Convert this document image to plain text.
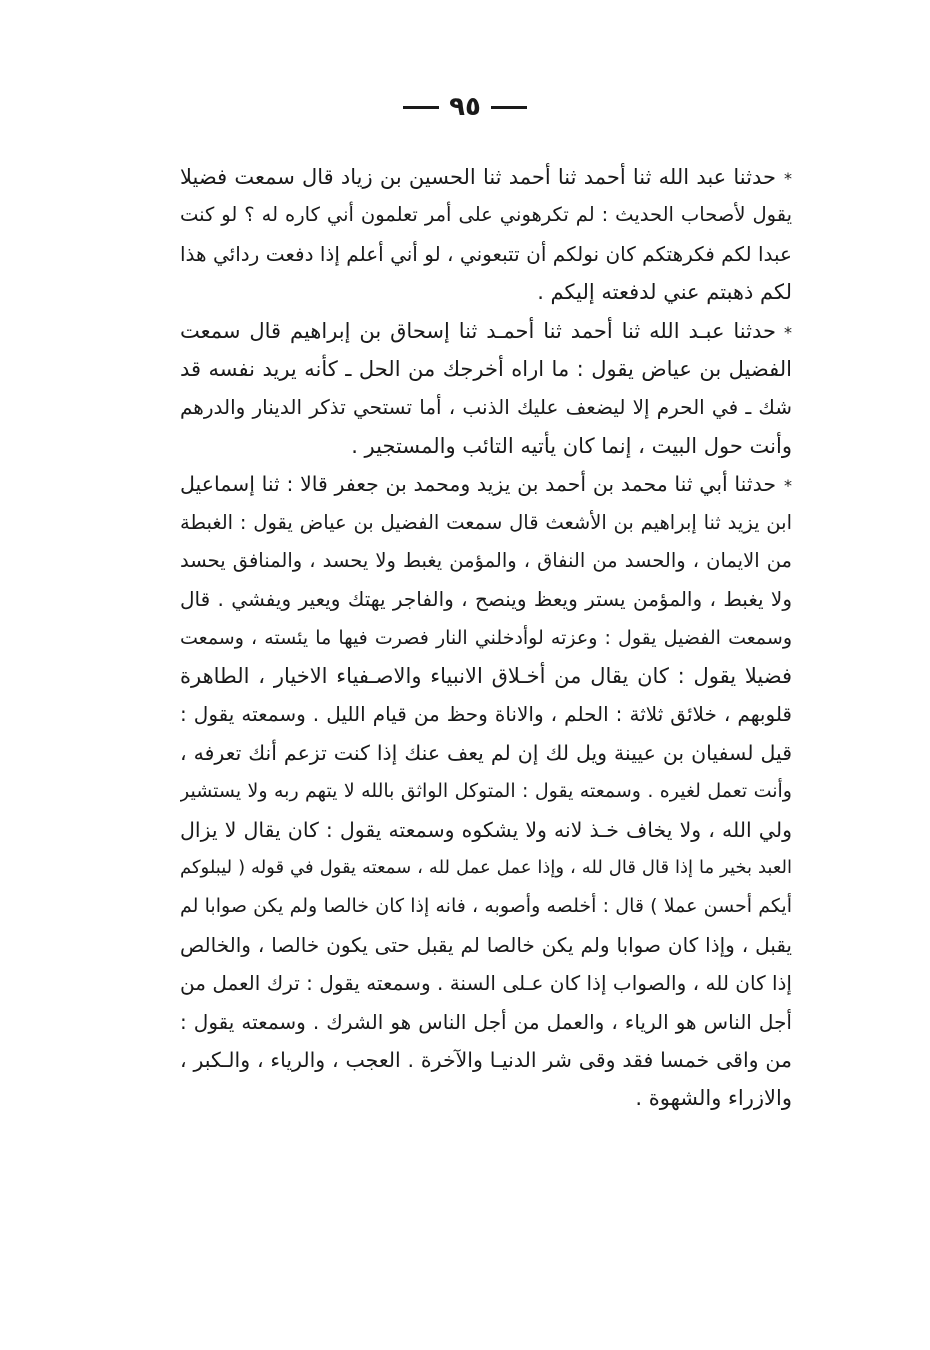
٩٥
*حدثنا عبد الله ثنا أحمد ثنا أحمد ثنا الحسين بن زياد قال سمعت فضيلا
يقول لأصحاب الحديث : لم تكرهوني على أمر تعلمون أني كاره له ؟ لو كنت
عبدا لكم فكرهتكم كان نولكم أن تتبعوني ، لو أني أعلم إذا دفعت ردائي هذا
لكم ذهبتم عني لدفعته إليكم .
*حدثنا عبـد الله ثنا أحمد ثنا أحمـد ثنا إسحاق بن إبراهيم قال سمعت
الفضيل بن عياض يقول : ما اراه أخرجك من الحل ـ كأنه يريد نفسه قد
شك ـ في الحرم إلا ليضعف عليك الذنب ، أما تستحي تذكر الدينار والدرهم
وأنت حول البيت ، إنما كان يأتيه التائب والمستجير .
*حدثنا أبي ثنا محمد بن أحمد بن يزيد ومحمد بن جعفر قالا : ثنا إسماعيل
ابن يزيد ثنا إبراهيم بن الأشعث قال سمعت الفضيل بن عياض يقول : الغبطة
من الايمان ، والحسد من النفاق ، والمؤمن يغبط ولا يحسد ، والمنافق يحسد
ولا يغبط ، والمؤمن يستر ويعظ وينصح ، والفاجر يهتك ويعير ويفشي . قال
وسمعت الفضيل يقول : وعزته لوأدخلني النار فصرت فيها ما يئسته ، وسمعت
فضيلا يقول : كان يقال من أخـلاق الانبياء والاصـفياء الاخيار ، الطاهرة
قلوبهم ، خلائق ثلاثة : الحلم ، والاناة وحظ من قيام الليل . وسمعته يقول :
قيل لسفيان بن عيينة ويل لك إن لم يعف عنك إذا كنت تزعم أنك تعرفه ،
وأنت تعمل لغيره . وسمعته يقول : المتوكل الواثق بالله لا يتهم ربه ولا يستشير
ولي الله ، ولا يخاف خـذ لانه ولا يشكوه وسمعته يقول : كان يقال لا يزال
العبد بخير ما إذا قال قال لله ، وإذا عمل عمل لله ، سمعته يقول في قوله ( ليبلوكم
أيكم أحسن عملا ) قال : أخلصه وأصوبه ، فانه إذا كان خالصا ولم يكن صوابا لم
يقبل ، وإذا كان صوابا ولم يكن خالصا لم يقبل حتى يكون خالصا ، والخالص
إذا كان لله ، والصواب إذا كان عـلى السنة . وسمعته يقول : ترك العمل من
أجل الناس هو الرياء ، والعمل من أجل الناس هو الشرك . وسمعته يقول :
من واقى خمسا فقد وقى شر الدنيـا والآخرة . العجب ، والرياء ، والـكبر ،
والازراء والشهوة .
